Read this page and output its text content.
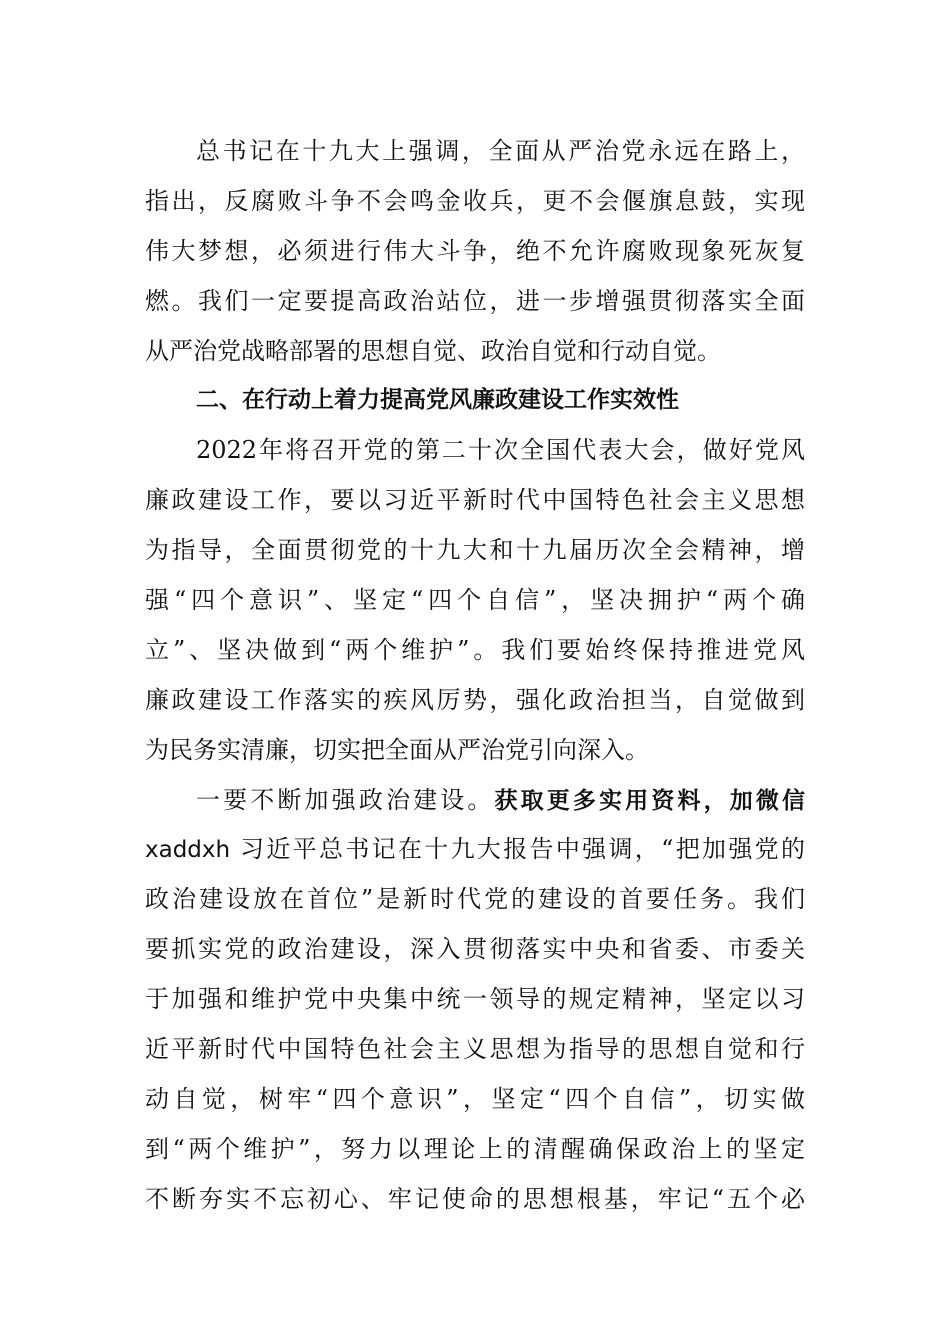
总书记在十九大上强调，全面从严治党永远在路上，
指出，反腐败斗争不会鸣金收兵，更不会偃旗息鼓，实现
伟大梦想，必须进行伟大斗争，绝不允许腐败现象死灰复
燃。我们一定要提高政治站位，进一步增强贯彻落实全面
从严治党战略部署的思想自觉、政治自觉和行动自觉。
二、在行动上着力提高党风廉政建设工作实效性
2022年将召开党的第二十次全国代表大会，做好党风
廉政建设工作，要以习近平新时代中国特色社会主义思想
为指导，全面贯彻党的十九大和十九届历次全会精神，增
强“四个意识”、坚定“四个自信”，坚决拥护“两个确
立”、坚决做到“两个维护”。我们要始终保持推进党风
廉政建设工作落实的疾风厉势，强化政治担当，自觉做到
为民务实清廉，切实把全面从严治党引向深入。
一要不断加强政治建设。获取更多实用资料，加微信
xaddxh 习近平总书记在十九大报告中强调，“把加强党的
政治建设放在首位”是新时代党的建设的首要任务。我们
要抓实党的政治建设，深入贯彻落实中央和省委、市委关
于加强和维护党中央集中统一领导的规定精神，坚定以习
近平新时代中国特色社会主义思想为指导的思想自觉和行
动自觉，树牢“四个意识”，坚定“四个自信”，切实做
到“两个维护”，努力以理论上的清醒确保政治上的坚定
不断夯实不忘初心、牢记使命的思想根基，牢记“五个必
